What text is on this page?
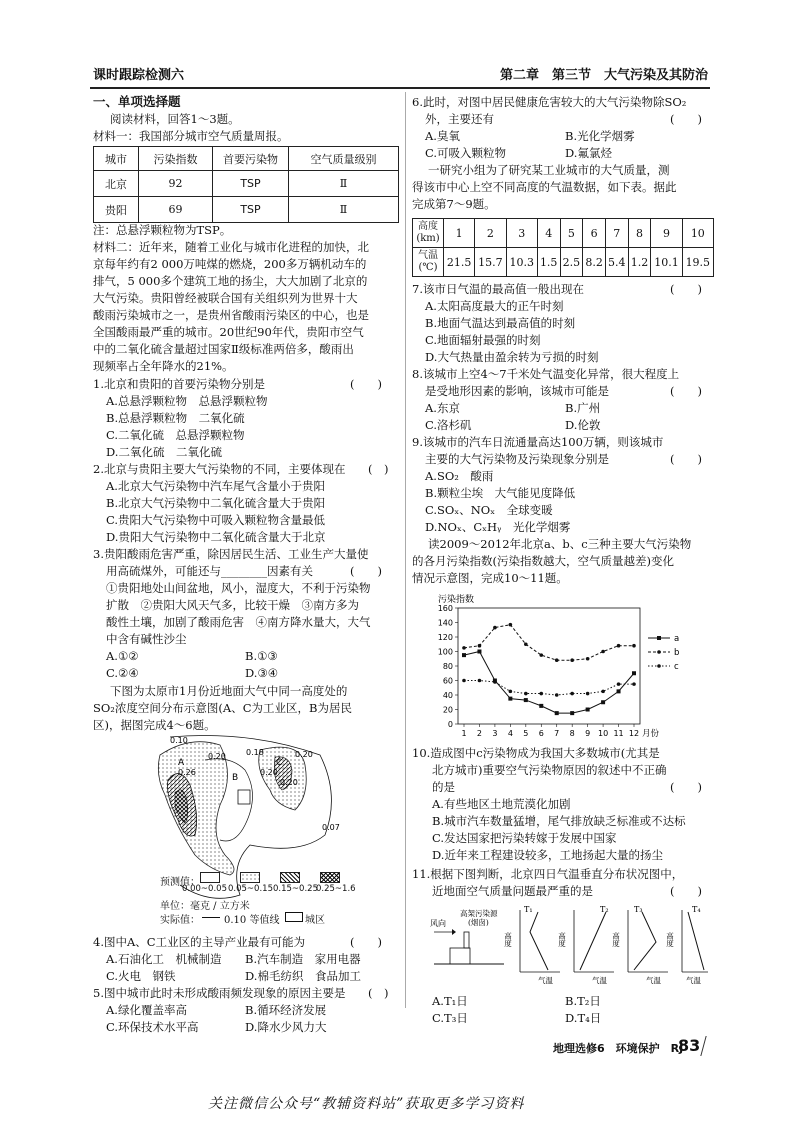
课时跟踪检测六	第二章　第三节　大气污染及其防治
一、单项选择题
阅读材料，回答1～3题。
材料一：我国部分城市空气质量周报。
城市	污染指数	首要污染物	空气质量级别
北京	92	TSP	Ⅱ
贵阳	69	TSP	Ⅱ
注：总悬浮颗粒物为TSP。
材料二：近年来，随着工业化与城市化进程的加快，北
京每年约有2 000万吨煤的燃烧，200多万辆机动车的
排气，5 000多个建筑工地的扬尘，大大加剧了北京的
大气污染。贵阳曾经被联合国有关组织列为世界十大
酸雨污染城市之一，是贵州省酸雨污染区的中心，也是
全国酸雨最严重的城市。20世纪90年代，贵阳市空气
中的二氧化硫含量超过国家Ⅱ级标准两倍多，酸雨出
现频率占全年降水的21%。
1.北京和贵阳的首要污染物分别是	(　　)
A.总悬浮颗粒物　总悬浮颗粒物
B.总悬浮颗粒物　二氧化硫
C.二氧化硫　总悬浮颗粒物
D.二氧化硫　二氧化硫
2.北京与贵阳主要大气污染物的不同，主要体现在 (　)
A.北京大气污染物中汽车尾气含量小于贵阳
B.北京大气污染物中二氧化硫含量大于贵阳
C.贵阳大气污染物中可吸入颗粒物含量最低
D.贵阳大气污染物中二氧化硫含量大于北京
3.贵阳酸雨危害严重，除因居民生活、工业生产大量使
用高硫煤外，可能还与________因素有关	(　　)
①贵阳地处山间盆地，风小，湿度大，不利于污染物
扩散　②贵阳大风天气多，比较干燥　③南方多为
酸性土壤，加剧了酸雨危害　④南方降水量大，大气
中含有碱性沙尘
A.①②	B.①③
C.②④	D.③④
下图为太原市1月份近地面大气中同一高度处的
SO₂浓度空间分布示意图(A、C为工业区，B为居民
区)，据图完成4～6题。
0.10
0.20	0.18
A
0.26
B
C
0.20
0.20
0.07
0.20
预测值：
0.00~0.05 0.05~0.15 0.15~0.25
0.25~1.6
单位：毫克 / 立方米
实际值： 0.10 等值线	城区
4.图中A、C工业区的主导产业最有可能为	(　　)
A.石油化工　机械制造 B.汽车制造　家用电器
C.火电　钢铁	D.棉毛纺织　食品加工
5.图中城市此时未形成酸雨频发现象的原因主要是 (　)
A.绿化覆盖率高	B.循环经济发展
C.环保技术水平高	D.降水少风力大
6.此时，对图中居民健康危害较大的大气污染物除SO₂
外，主要还有	(　　)
A.臭氧	B.光化学烟雾
C.可吸入颗粒物	D.氟氯烃
一研究小组为了研究某工业城市的大气质量，测
得该市中心上空不同高度的气温数据，如下表。据此
完成第7～9题。
高度(km)	1	2	3	4	5	6	7	8	9	10
气温(℃)	21.5	15.7	10.3	1.5	2.5	8.2	5.4	1.2	10.1	19.5
7.该市日气温的最高值一般出现在	(　　)
A.太阳高度最大的正午时刻
B.地面气温达到最高值的时刻
C.地面辐射最强的时刻
D.大气热量由盈余转为亏损的时刻
8.该城市上空4～7千米处气温变化异常，很大程度上
是受地形因素的影响，该城市可能是	(　　)
A.东京	B.广州
C.洛杉矶	D.伦敦
9.该城市的汽车日流通量高达100万辆，则该城市
主要的大气污染物及污染现象分别是	(　　)
A.SO₂　酸雨
B.颗粒尘埃　大气能见度降低
C.SOₓ、NOₓ　全球变暖
D.NOₓ、CₓHᵧ　光化学烟雾
读2009～2012年北京a、b、c三种主要大气污染物
的各月污染指数(污染指数越大，空气质量越差)变化
情况示意图，完成10～11题。
污染指数
0
20
40
60
80
100
120
140
160
1 2 3 4 5 6 7 8 9 10 11 12 月份
a
b
c
10.造成图中c污染物成为我国大多数城市(尤其是
北方城市)重要空气污染物原因的叙述中不正确
的是	(　　)
A.有些地区土地荒漠化加剧
B.城市汽车数量猛增，尾气排放缺乏标准或不达标
C.发达国家把污染转嫁于发展中国家
D.近年来工程建设较多，工地扬起大量的扬尘
11.根据下图判断，北京四日气温垂直分布状况图中，
近地面空气质量问题最严重的是	(　　)
风向
高架污染源
(烟囱)
T₁
高度
气温
T₂
高度
气温
T₃
高度
气温
T₄
高度
气温
A.T₁日	B.T₂日
C.T₃日	D.T₄日
地理选修6　环境保护　RJ
83
关注微信公众号“教辅资料站”获取更多学习资料
